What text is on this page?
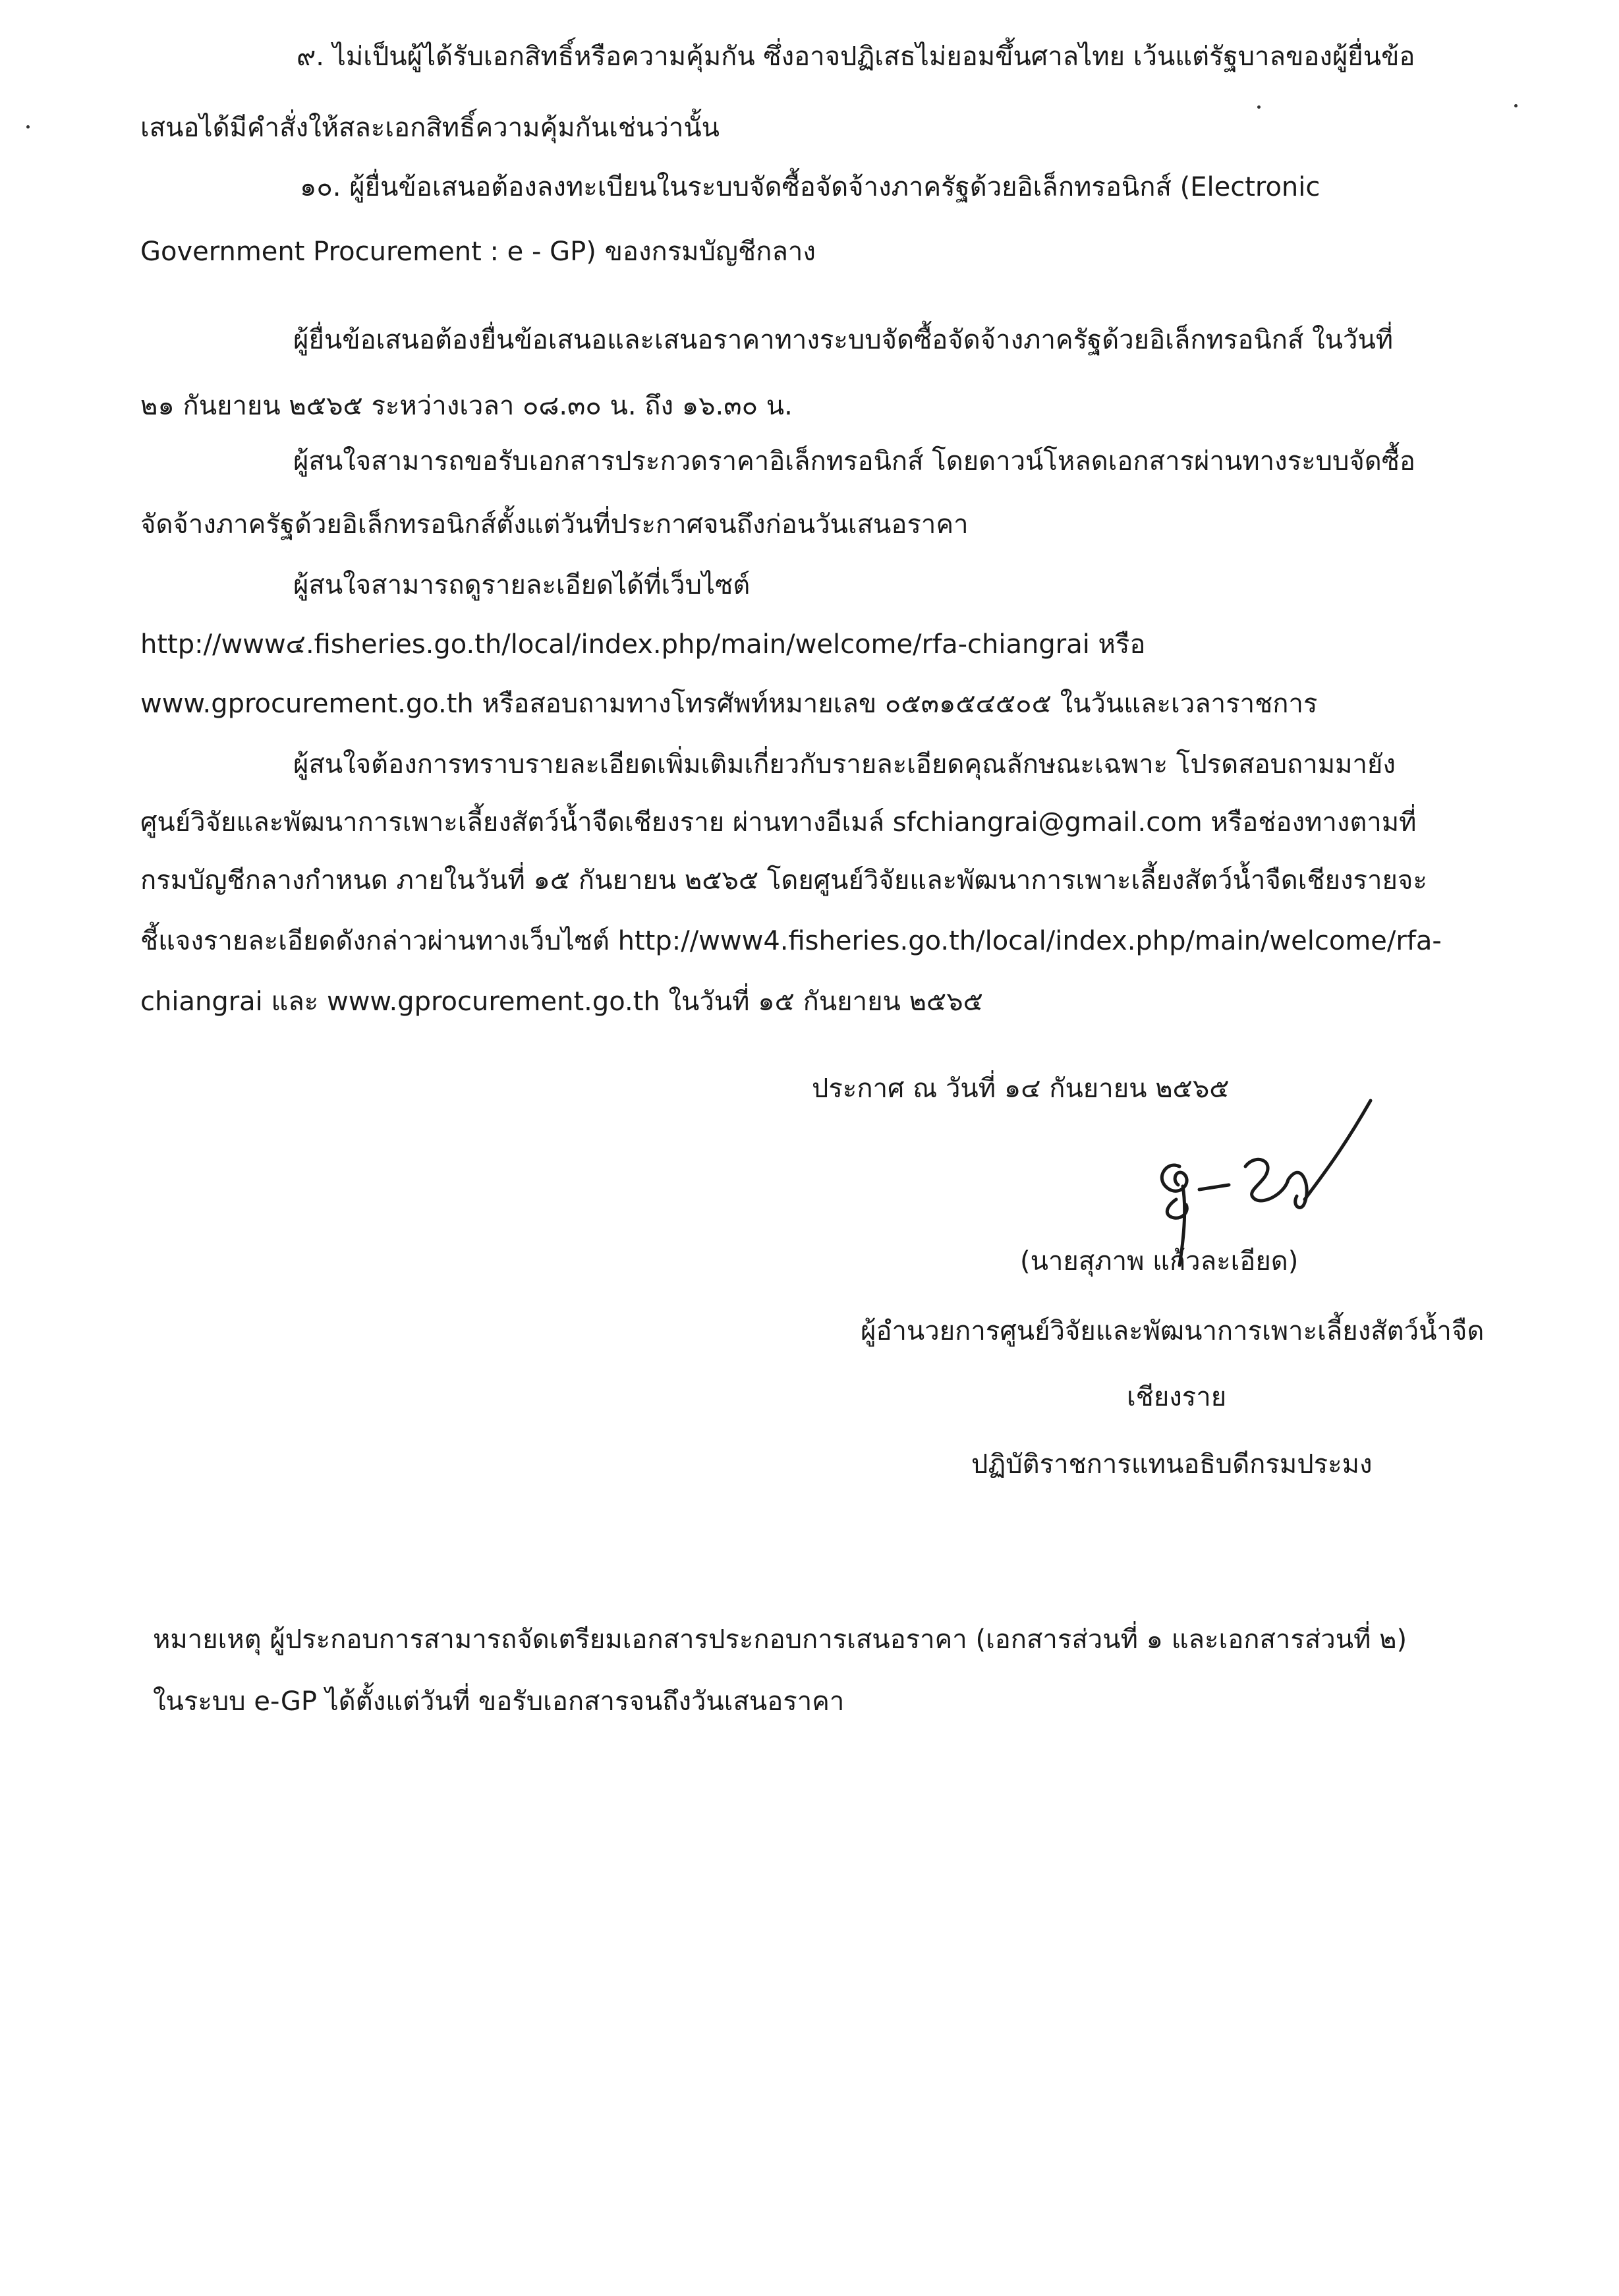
๙. ไม่เป็นผู้ได้รับเอกสิทธิ์หรือความคุ้มกัน ซึ่งอาจปฏิเสธไม่ยอมขึ้นศาลไทย เว้นแต่รัฐบาลของผู้ยื่นข้อ
เสนอได้มีคำสั่งให้สละเอกสิทธิ์ความคุ้มกันเช่นว่านั้น
๑๐. ผู้ยื่นข้อเสนอต้องลงทะเบียนในระบบจัดซื้อจัดจ้างภาครัฐด้วยอิเล็กทรอนิกส์ (Electronic
Government Procurement : e - GP) ของกรมบัญชีกลาง
ผู้ยื่นข้อเสนอต้องยื่นข้อเสนอและเสนอราคาทางระบบจัดซื้อจัดจ้างภาครัฐด้วยอิเล็กทรอนิกส์ ในวันที่
๒๑ กันยายน ๒๕๖๕ ระหว่างเวลา ๐๘.๓๐ น. ถึง ๑๖.๓๐ น.
ผู้สนใจสามารถขอรับเอกสารประกวดราคาอิเล็กทรอนิกส์ โดยดาวน์โหลดเอกสารผ่านทางระบบจัดซื้อ
จัดจ้างภาครัฐด้วยอิเล็กทรอนิกส์ตั้งแต่วันที่ประกาศจนถึงก่อนวันเสนอราคา
ผู้สนใจสามารถดูรายละเอียดได้ที่เว็บไซต์
http://www๔.fisheries.go.th/local/index.php/main/welcome/rfa-chiangrai หรือ
www.gprocurement.go.th หรือสอบถามทางโทรศัพท์หมายเลข ๐๕๓๑๕๔๕๐๕ ในวันและเวลาราชการ
ผู้สนใจต้องการทราบรายละเอียดเพิ่มเติมเกี่ยวกับรายละเอียดคุณลักษณะเฉพาะ โปรดสอบถามมายัง
ศูนย์วิจัยและพัฒนาการเพาะเลี้ยงสัตว์น้ำจืดเชียงราย ผ่านทางอีเมล์ sfchiangrai@gmail.com หรือช่องทางตามที่
กรมบัญชีกลางกำหนด ภายในวันที่ ๑๕ กันยายน ๒๕๖๕ โดยศูนย์วิจัยและพัฒนาการเพาะเลี้ยงสัตว์น้ำจืดเชียงรายจะ
ชี้แจงรายละเอียดดังกล่าวผ่านทางเว็บไซต์ http://www4.fisheries.go.th/local/index.php/main/welcome/rfa-
chiangrai และ www.gprocurement.go.th ในวันที่ ๑๕ กันยายน ๒๕๖๕
ประกาศ ณ วันที่ ๑๔ กันยายน ๒๕๖๕
(นายสุภาพ แก้วละเอียด)
ผู้อำนวยการศูนย์วิจัยและพัฒนาการเพาะเลี้ยงสัตว์น้ำจืด
เชียงราย
ปฏิบัติราชการแทนอธิบดีกรมประมง
หมายเหตุ ผู้ประกอบการสามารถจัดเตรียมเอกสารประกอบการเสนอราคา (เอกสารส่วนที่ ๑ และเอกสารส่วนที่ ๒)
ในระบบ e-GP ได้ตั้งแต่วันที่ ขอรับเอกสารจนถึงวันเสนอราคา
